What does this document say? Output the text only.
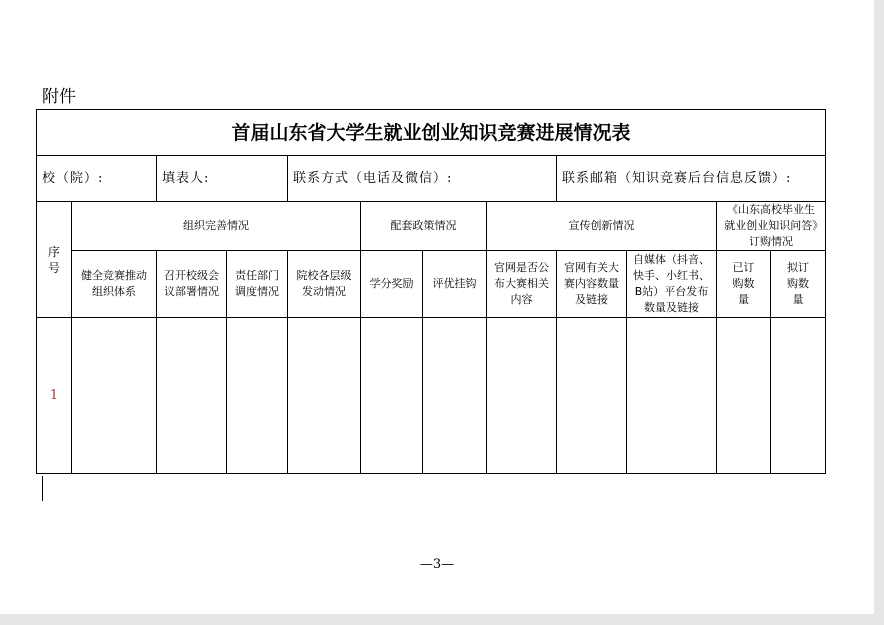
附件
首届山东省大学生就业创业知识竞赛进展情况表											
校（院）:		填表人:		联系方式（电话及微信）:				联系邮箱（知识竞赛后台信息反馈）:			
序号	组织完善情况				配套政策情况		宣传创新情况			《山东高校毕业生就业创业知识问答》订购情况	
	健全竞赛推动组织体系	召开校级会议部署情况	责任部门调度情况	院校各层级发动情况	学分奖励	评优挂钩	官网是否公布大赛相关内容	官网有关大赛内容数量及链接	自媒体（抖音、快手、小红书、B站）平台发布数量及链接	已订购数量	拟订购数量
1											
—3—
